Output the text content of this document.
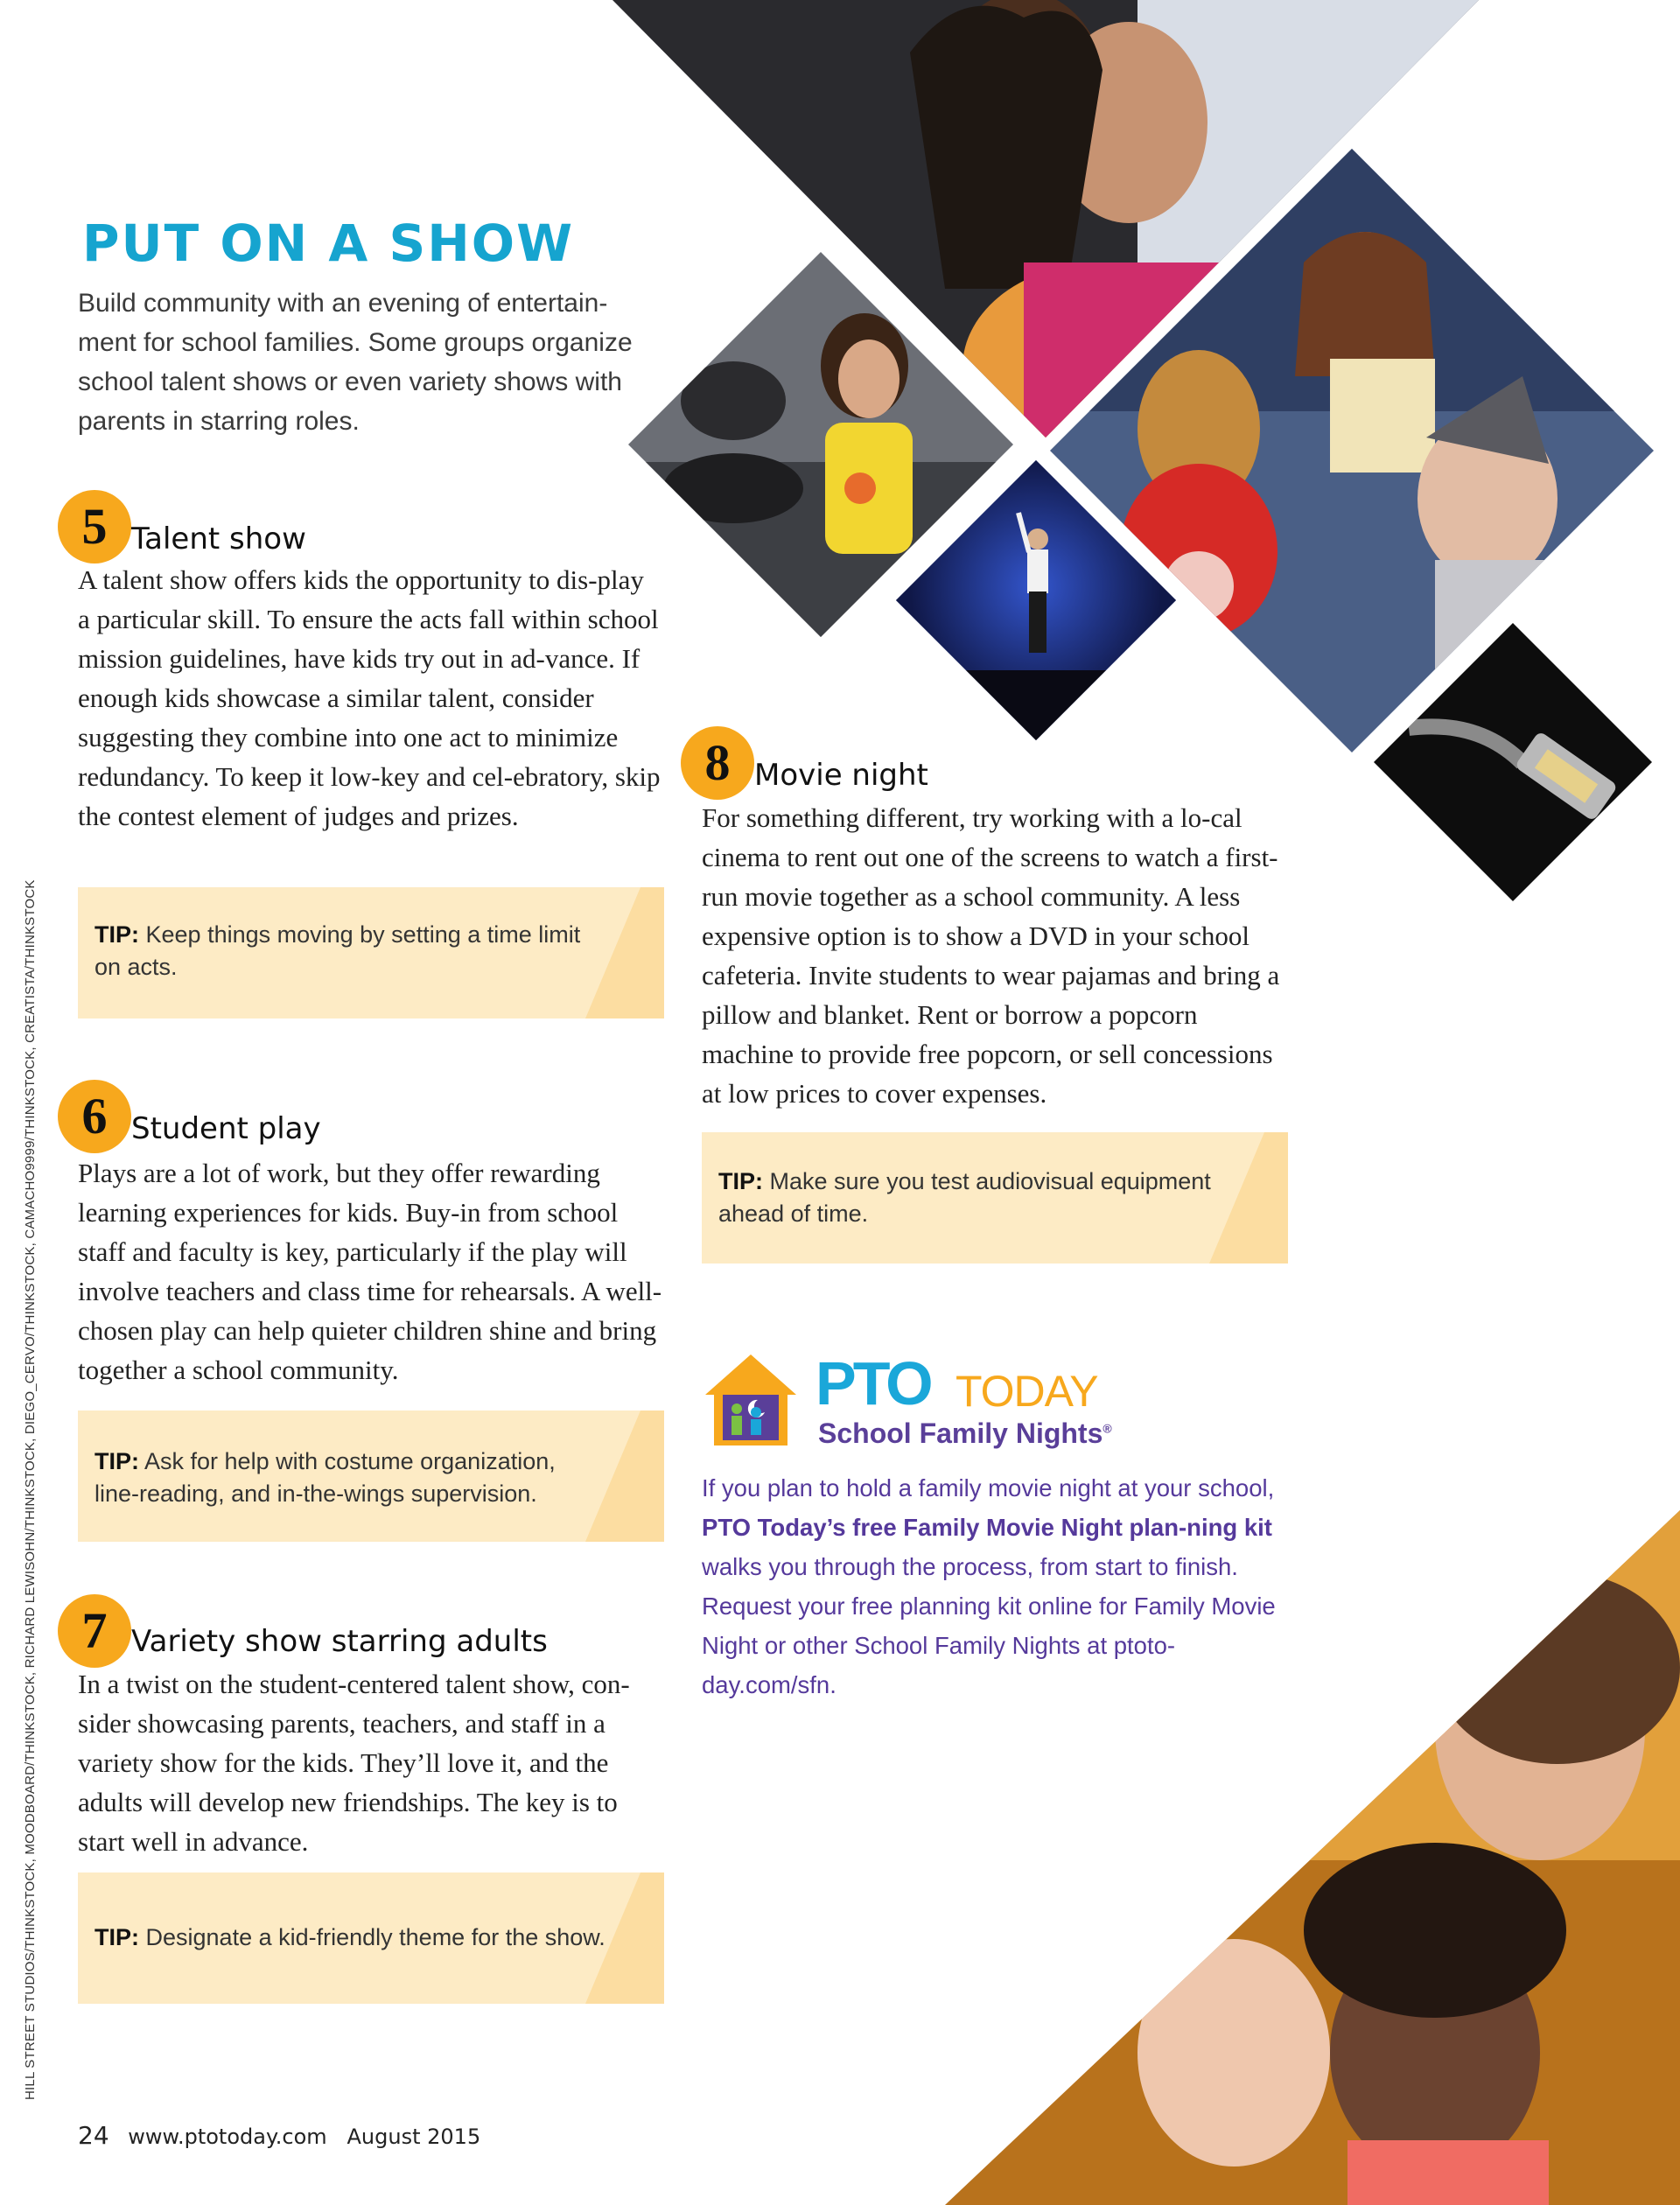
PUT ON A SHOW

Build community with an evening of entertain-ment for school families. Some groups organize school talent shows or even variety shows with parents in starring roles.

5 Talent show

A talent show offers kids the opportunity to dis-play a particular skill. To ensure the acts fall within school mission guidelines, have kids try out in ad-vance. If enough kids showcase a similar talent, consider suggesting they combine into one act to minimize redundancy. To keep it low-key and cel-ebratory, skip the contest element of judges and prizes.

TIP: Keep things moving by setting a time limit on acts.

6 Student play

Plays are a lot of work, but they offer rewarding learning experiences for kids. Buy-in from school staff and faculty is key, particularly if the play will involve teachers and class time for rehearsals. A well-chosen play can help quieter children shine and bring together a school community.

TIP: Ask for help with costume organization, line-reading, and in-the-wings supervision.

7 Variety show starring adults

In a twist on the student-centered talent show, con-sider showcasing parents, teachers, and staff in a variety show for the kids. They’ll love it, and the adults will develop new friendships. The key is to start well in advance.

TIP: Designate a kid-friendly theme for the show.

8 Movie night

For something different, try working with a lo-cal cinema to rent out one of the screens to watch a first-run movie together as a school community. A less expensive option is to show a DVD in your school cafeteria. Invite students to wear pajamas and bring a pillow and blanket. Rent or borrow a popcorn machine to provide free popcorn, or sell concessions at low prices to cover expenses.

TIP: Make sure you test audiovisual equipment ahead of time.

PTO TODAY
School Family Nights®

If you plan to hold a family movie night at your school, PTO Today’s free Family Movie Night plan-ning kit walks you through the process, from start to finish. Request your free planning kit online for Family Movie Night or other School Family Nights at ptoto-day.com/sfn.

24 www.ptotoday.com August 2015

HILL STREET STUDIOS/THINKSTOCK, MOODBOARD/THINKSTOCK, RICHARD LEWISOHN/THINKSTOCK, DIEGO_CERVO/THINKSTOCK, CAMACHO9999/THINKSTOCK, CREATISTA/THINKSTOCK
